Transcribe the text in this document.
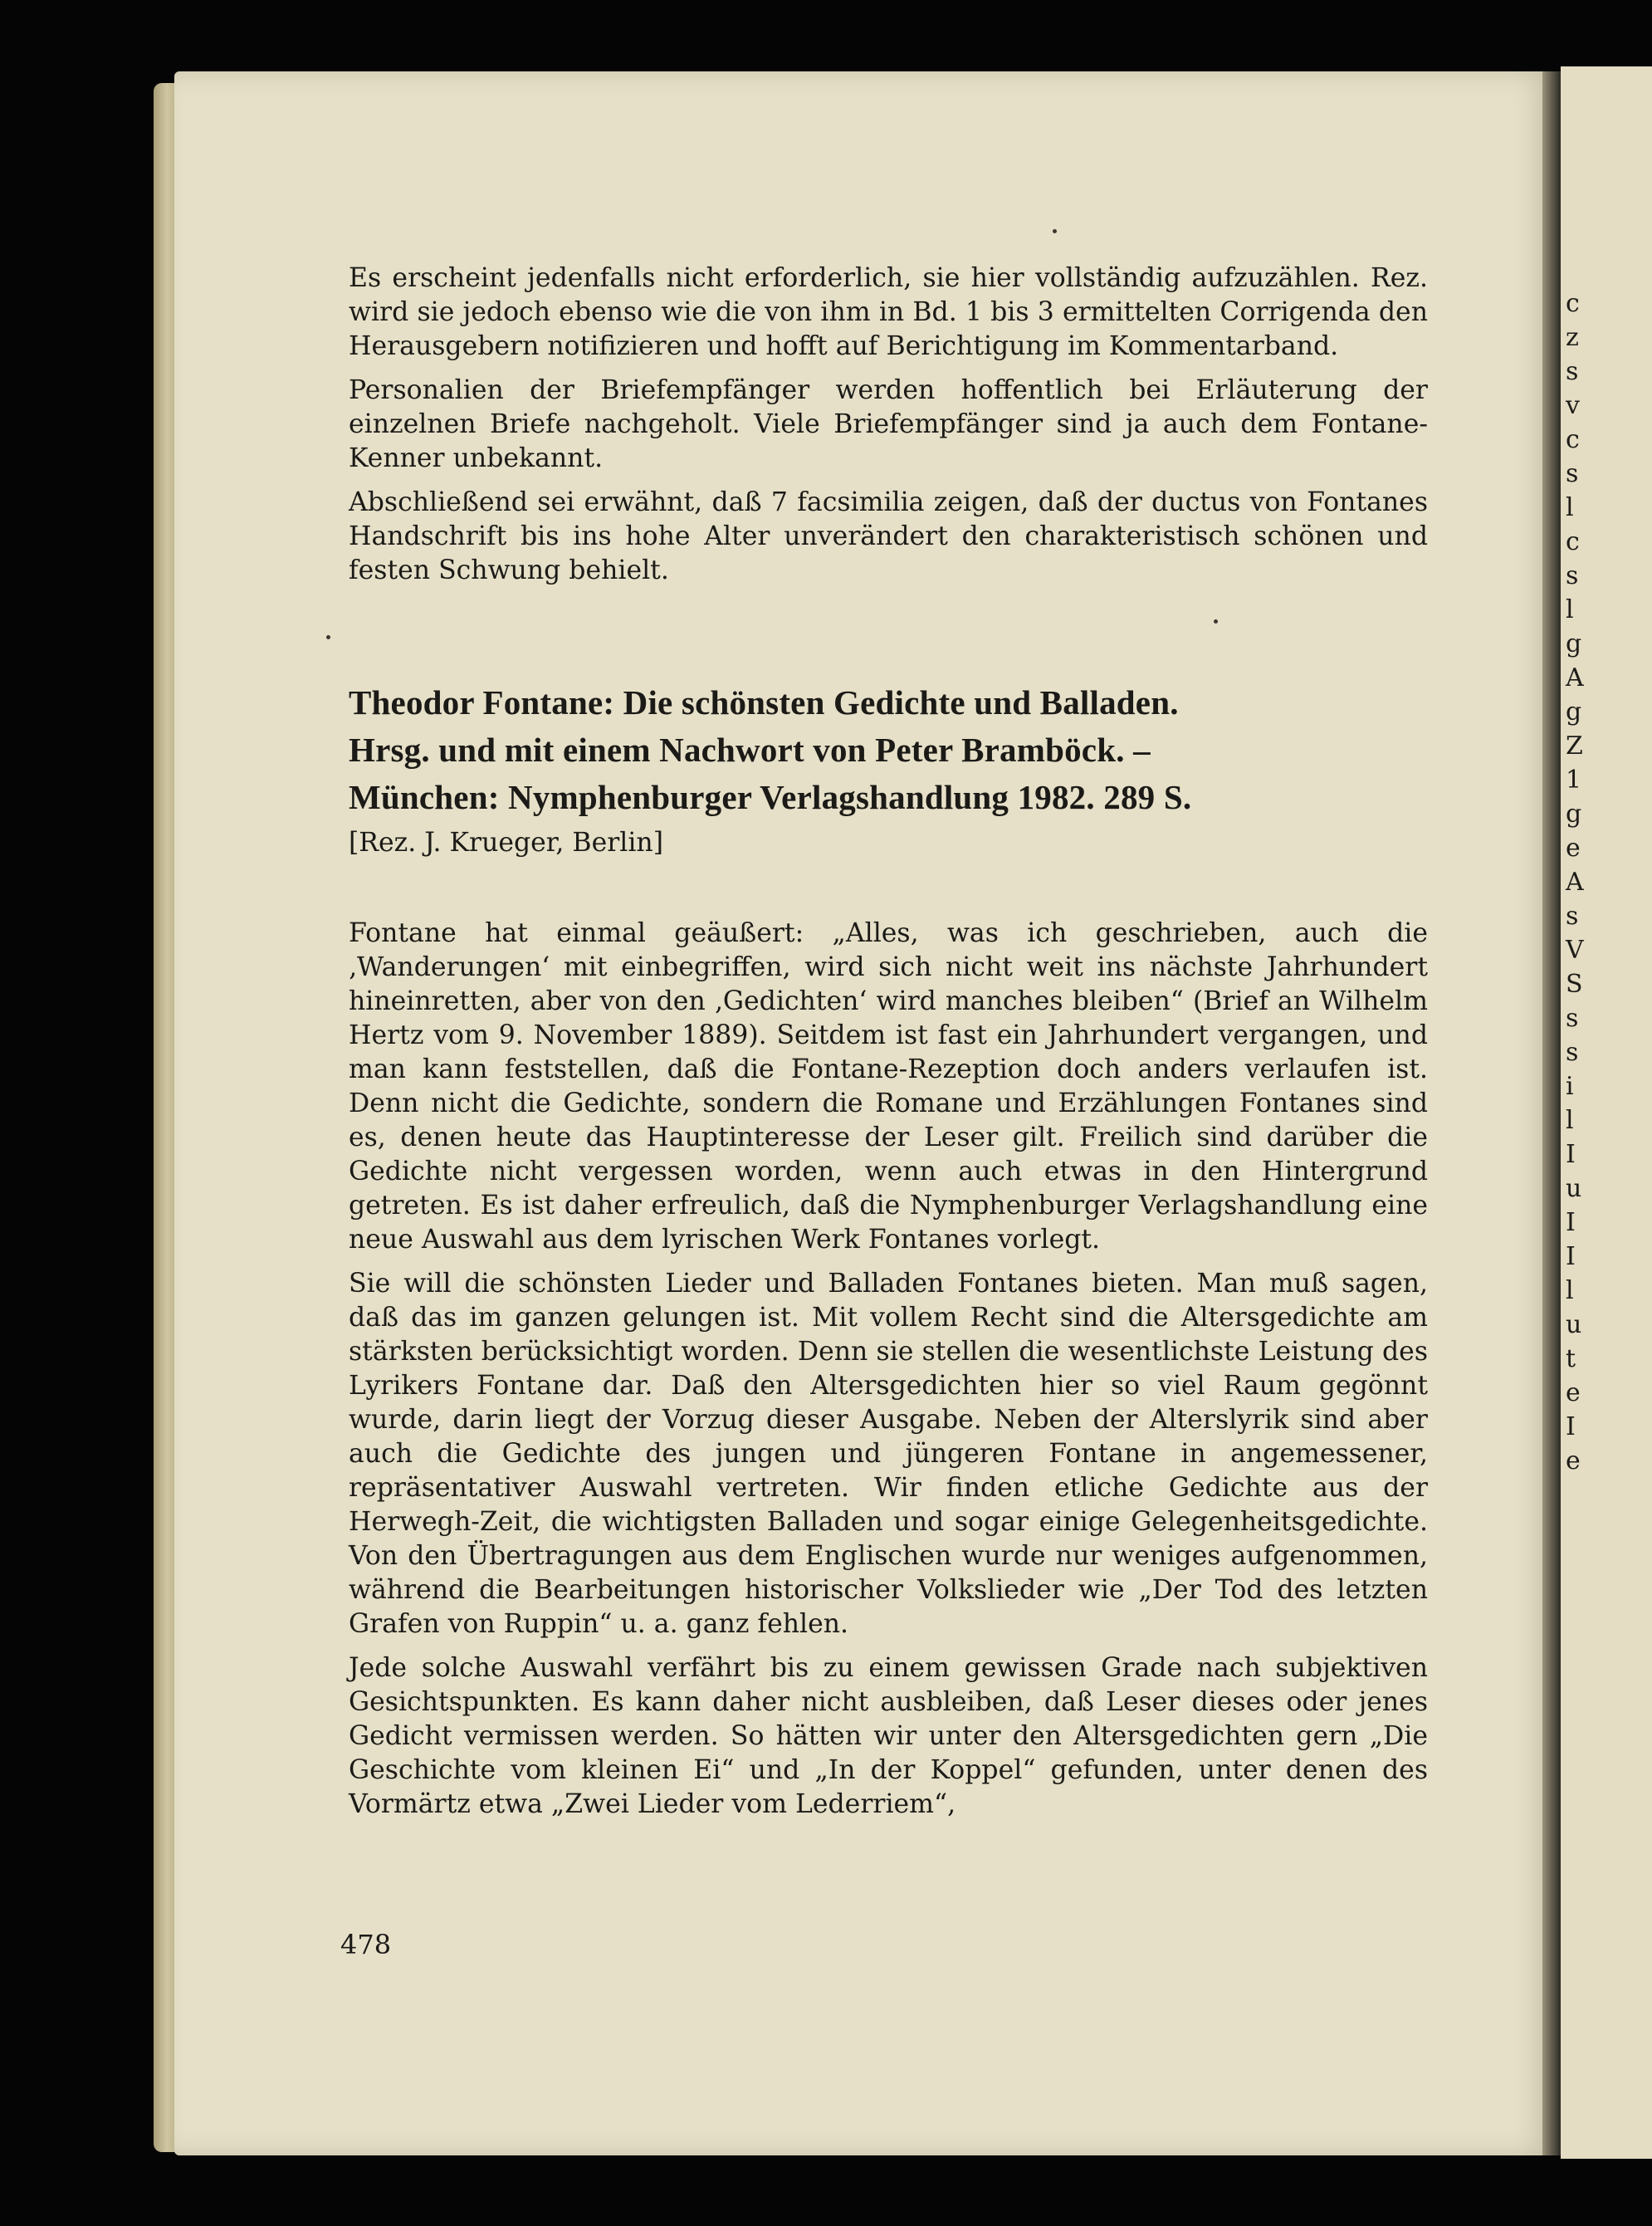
c
z
s
v
c
s
l
c
s
l
g
A
g
Z
1
g
e
A
s
V
S
s
s
i
l
I
u
I
I
l
u
t
e
I
e

Es erscheint jedenfalls nicht erforderlich, sie hier vollständig aufzuzählen. Rez. wird sie jedoch ebenso wie die von ihm in Bd. 1 bis 3 ermittelten Corrigenda den Herausgebern notifizieren und hofft auf Berichtigung im Kommentarband.

Personalien der Briefempfänger werden hoffentlich bei Erläuterung der einzelnen Briefe nachgeholt. Viele Briefempfänger sind ja auch dem Fontane-Kenner unbekannt.

Abschließend sei erwähnt, daß 7 facsimilia zeigen, daß der ductus von Fontanes Handschrift bis ins hohe Alter unverändert den charakteristisch schönen und festen Schwung behielt.

Theodor Fontane: Die schönsten Gedichte und Balladen.
Hrsg. und mit einem Nachwort von Peter Bramböck. –
München: Nymphenburger Verlagshandlung 1982. 289 S.
[Rez. J. Krueger, Berlin]

Fontane hat einmal geäußert: „Alles, was ich geschrieben, auch die ‚Wanderungen‘ mit einbegriffen, wird sich nicht weit ins nächste Jahrhundert hineinretten, aber von den ‚Gedichten‘ wird manches bleiben“ (Brief an Wilhelm Hertz vom 9. November 1889). Seitdem ist fast ein Jahrhundert vergangen, und man kann feststellen, daß die Fontane-Rezeption doch anders verlaufen ist. Denn nicht die Gedichte, sondern die Romane und Erzählungen Fontanes sind es, denen heute das Hauptinteresse der Leser gilt. Freilich sind darüber die Gedichte nicht vergessen worden, wenn auch etwas in den Hintergrund getreten. Es ist daher erfreulich, daß die Nymphenburger Verlagshandlung eine neue Auswahl aus dem lyrischen Werk Fontanes vorlegt.

Sie will die schönsten Lieder und Balladen Fontanes bieten. Man muß sagen, daß das im ganzen gelungen ist. Mit vollem Recht sind die Altersgedichte am stärksten berücksichtigt worden. Denn sie stellen die wesentlichste Leistung des Lyrikers Fontane dar. Daß den Altersgedichten hier so viel Raum gegönnt wurde, darin liegt der Vorzug dieser Ausgabe. Neben der Alterslyrik sind aber auch die Gedichte des jungen und jüngeren Fontane in angemessener, repräsentativer Auswahl vertreten. Wir finden etliche Gedichte aus der Herwegh-Zeit, die wichtigsten Balladen und sogar einige Gelegenheitsgedichte. Von den Übertragungen aus dem Englischen wurde nur weniges aufgenommen, während die Bearbeitungen historischer Volkslieder wie „Der Tod des letzten Grafen von Ruppin“ u. a. ganz fehlen.

Jede solche Auswahl verfährt bis zu einem gewissen Grade nach subjektiven Gesichtspunkten. Es kann daher nicht ausbleiben, daß Leser dieses oder jenes Gedicht vermissen werden. So hätten wir unter den Altersgedichten gern „Die Geschichte vom kleinen Ei“ und „In der Koppel“ gefunden, unter denen des Vormärtz etwa „Zwei Lieder vom Lederriem“,

478
